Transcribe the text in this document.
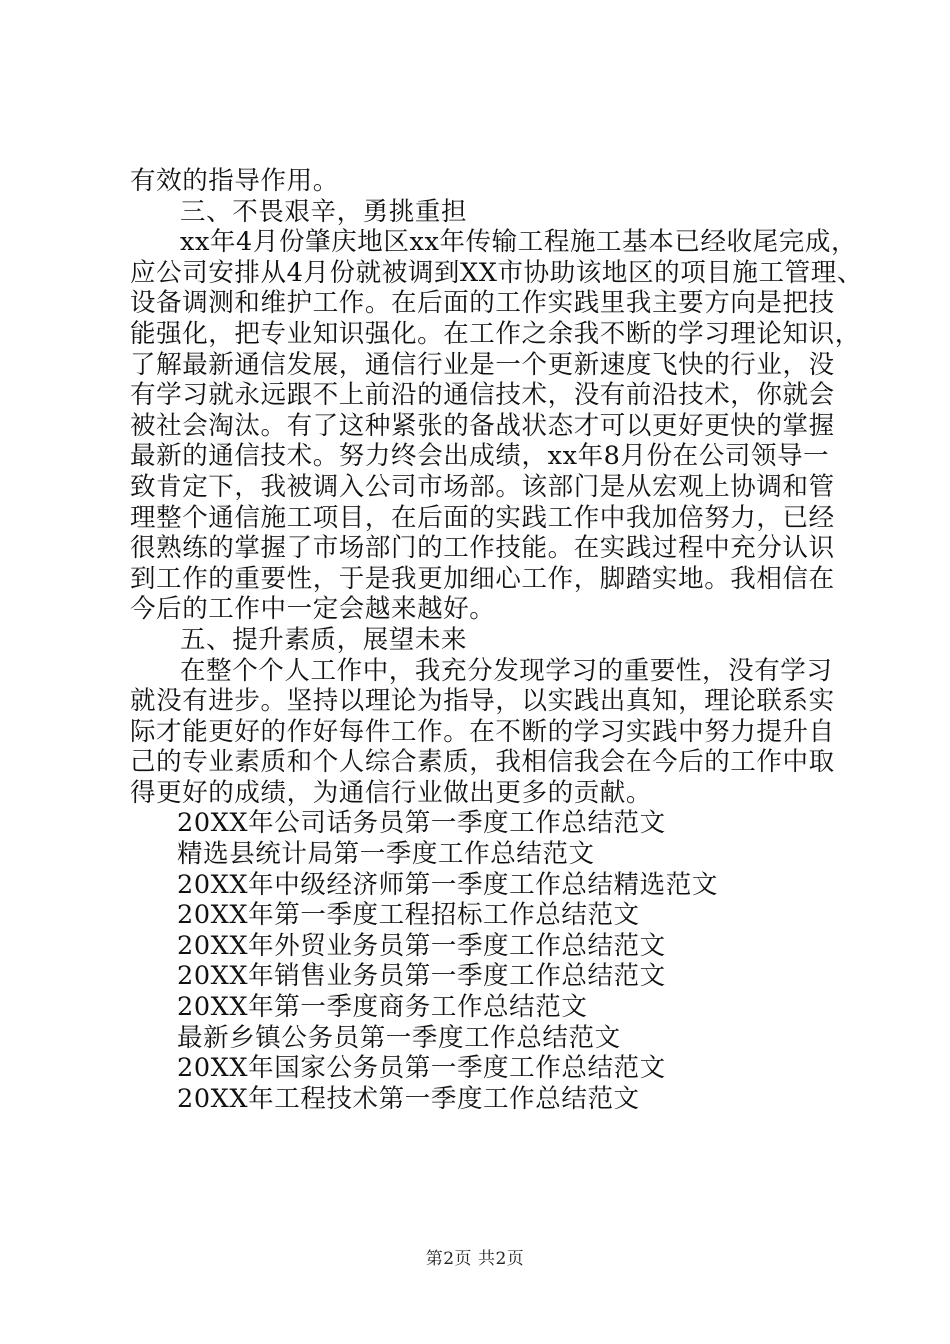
有效的指导作用。
三、不畏艰辛，勇挑重担
xx年4月份肇庆地区xx年传输工程施工基本已经收尾完成，
应公司安排从4月份就被调到XX市协助该地区的项目施工管理、
设备调测和维护工作。在后面的工作实践里我主要方向是把技
能强化，把专业知识强化。在工作之余我不断的学习理论知识，
了解最新通信发展，通信行业是一个更新速度飞快的行业，没
有学习就永远跟不上前沿的通信技术，没有前沿技术，你就会
被社会淘汰。有了这种紧张的备战状态才可以更好更快的掌握
最新的通信技术。努力终会出成绩，xx年8月份在公司领导一
致肯定下，我被调入公司市场部。该部门是从宏观上协调和管
理整个通信施工项目，在后面的实践工作中我加倍努力，已经
很熟练的掌握了市场部门的工作技能。在实践过程中充分认识
到工作的重要性，于是我更加细心工作，脚踏实地。我相信在
今后的工作中一定会越来越好。
五、提升素质，展望未来
在整个个人工作中，我充分发现学习的重要性，没有学习
就没有进步。坚持以理论为指导，以实践出真知，理论联系实
际才能更好的作好每件工作。在不断的学习实践中努力提升自
己的专业素质和个人综合素质，我相信我会在今后的工作中取
得更好的成绩，为通信行业做出更多的贡献。
20XX年公司话务员第一季度工作总结范文
精选县统计局第一季度工作总结范文
20XX年中级经济师第一季度工作总结精选范文
20XX年第一季度工程招标工作总结范文
20XX年外贸业务员第一季度工作总结范文
20XX年销售业务员第一季度工作总结范文
20XX年第一季度商务工作总结范文
最新乡镇公务员第一季度工作总结范文
20XX年国家公务员第一季度工作总结范文
20XX年工程技术第一季度工作总结范文
第2页 共2页
